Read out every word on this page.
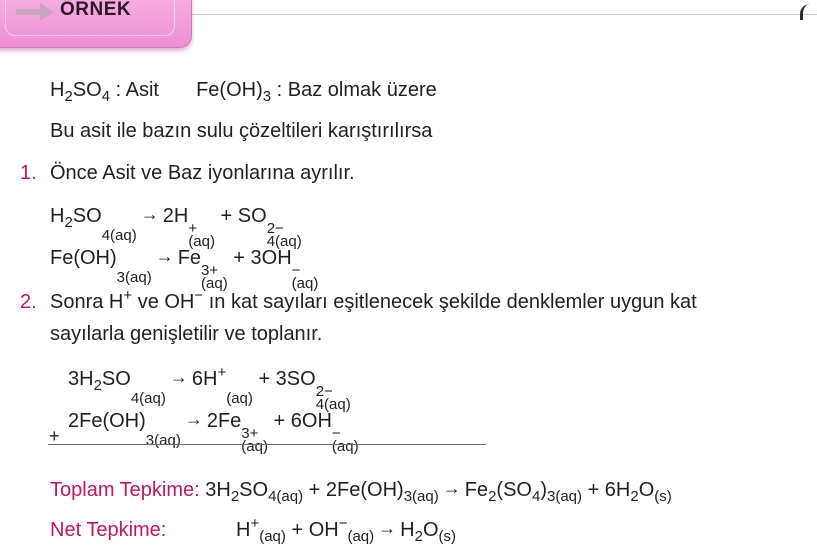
ÖRNEK
$H_2SO_4$ : Asit $Fe(OH)_3$ : Baz olmak üzere
Bu asit ile bazın sulu çözeltileri karıştırılırsa
1. Önce Asit ve Baz iyonlarına ayrılır.
$H_2SO$

4(aq)
→ 2H
+
(aq)
+ SO
2−
4(aq)
Fe(OH)

3(aq)
→ Fe
3+
(aq)
+ 3OH
−
(aq)
2. Sonra H+ ve OH− ın kat sayıları eşitlenecek şekilde denklemler uygun kat
sayılarla genişletilir ve toplanır.
$3H_2SO$

4(aq)
→ 6H+

(aq)
+ 3SO
2−
4(aq)
2Fe(OH)

3(aq)
→ 2Fe
3+
(aq)
+ 6OH
−
(aq)
+
Toplam Tepkime: $3H_2SO_{4(aq)} + 2Fe(OH)_{3(aq)} \to Fe_2(SO_4)_{3(aq)} + 6H_2O_{(s)}$
Net Tepkime:	$H^+_{(aq)} + OH^-_{(aq)} \to H_2O_{(s)}$
